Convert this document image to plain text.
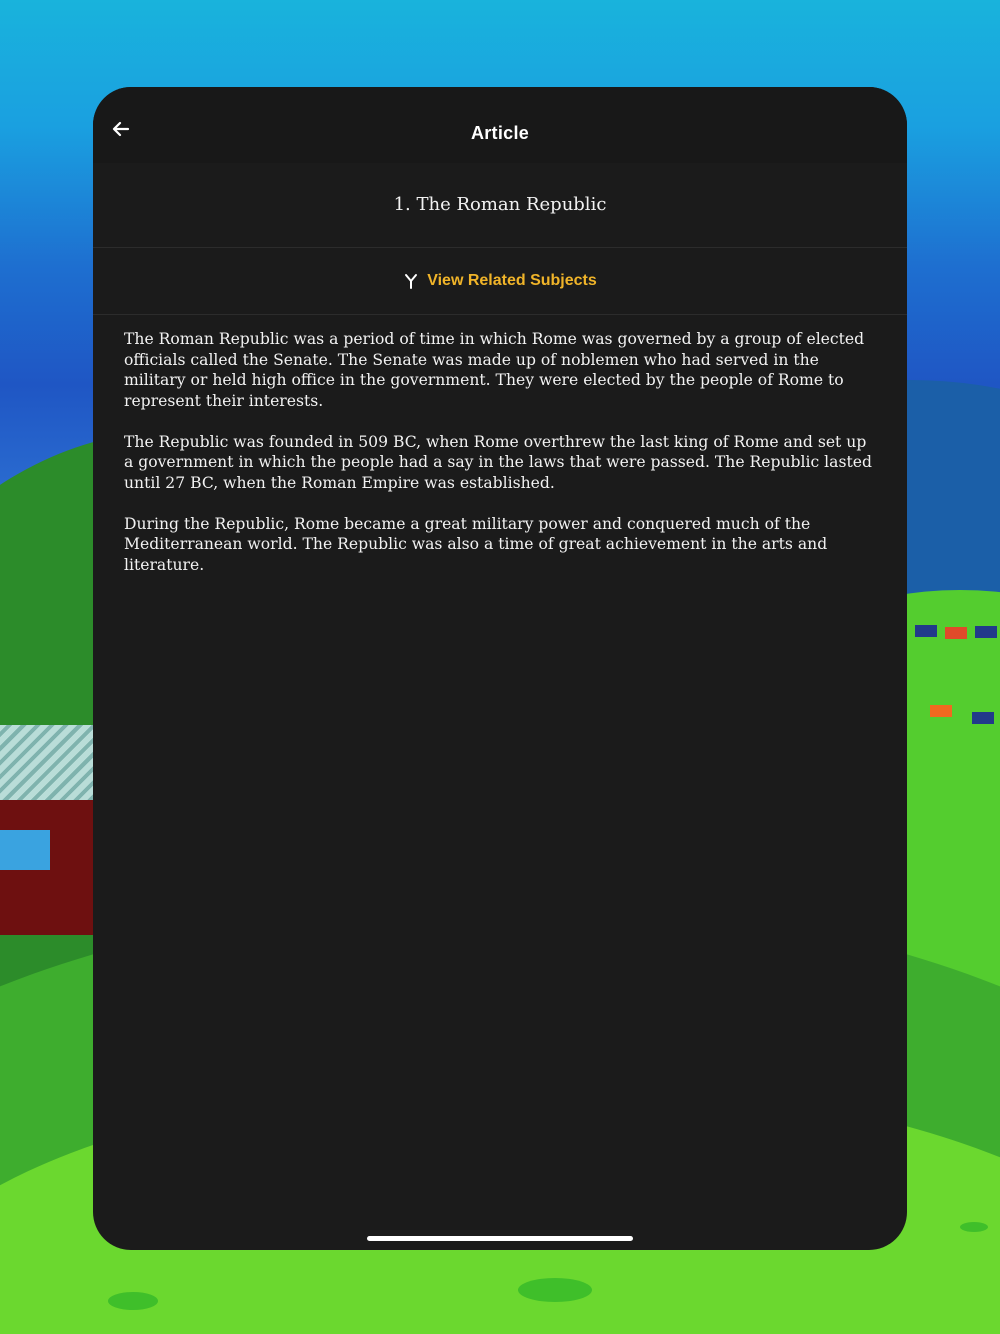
Article
1. The Roman Republic
View Related Subjects

The Roman Republic was a period of time in which Rome was governed by a group of elected officials called the Senate. The Senate was made up of noblemen who had served in the military or held high office in the government. They were elected by the people of Rome to represent their interests.

The Republic was founded in 509 BC, when Rome overthrew the last king of Rome and set up a government in which the people had a say in the laws that were passed. The Republic lasted until 27 BC, when the Roman Empire was established.

During the Republic, Rome became a great military power and conquered much of the Mediterranean world. The Republic was also a time of great achievement in the arts and literature.
